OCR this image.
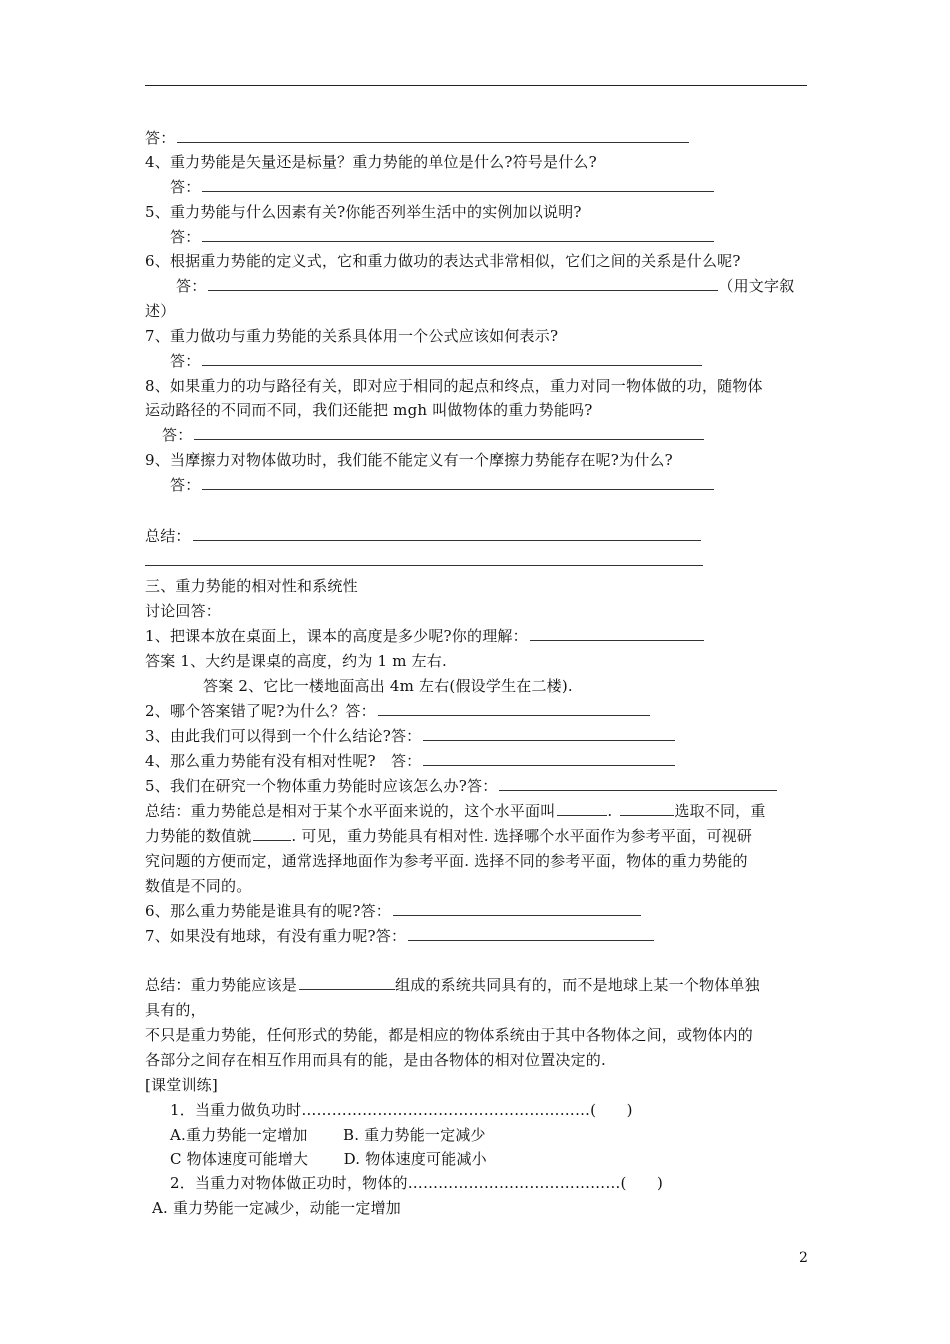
答：
4、重力势能是矢量还是标量？重力势能的单位是什么?符号是什么?
答：
5、重力势能与什么因素有关?你能否列举生活中的实例加以说明?
答：
6、根据重力势能的定义式，它和重力做功的表达式非常相似，它们之间的关系是什么呢?
答：	（用文字叙
述）
7、重力做功与重力势能的关系具体用一个公式应该如何表示?
答：
8、如果重力的功与路径有关，即对应于相同的起点和终点，重力对同一物体做的功，随物体
运动路径的不同而不同，我们还能把 mgh 叫做物体的重力势能吗?
答：
9、当摩擦力对物体做功时，我们能不能定义有一个摩擦力势能存在呢?为什么?
答：
总结：
三、重力势能的相对性和系统性
讨论回答：
1、把课本放在桌面上，课本的高度是多少呢?你的理解：
答案 1、大约是课桌的高度，约为 1 m 左右.
答案 2、它比一楼地面高出 4m 左右(假设学生在二楼).
2、哪个答案错了呢?为什么？答：
3、由此我们可以得到一个什么结论?答：
4、那么重力势能有没有相对性呢?　答：
5、我们在研究一个物体重力势能时应该怎么办?答：
总结：重力势能总是相对于某个水平面来说的，这个水平面叫	.	选取不同，重
力势能的数值就	. 可见，重力势能具有相对性. 选择哪个水平面作为参考平面，可视研
究问题的方便而定，通常选择地面作为参考平面. 选择不同的参考平面，物体的重力势能的
数值是不同的。
6、那么重力势能是谁具有的呢?答：
7、如果没有地球，有没有重力呢?答：
总结：重力势能应该是	组成的系统共同具有的，而不是地球上某一个物体单独
具有的，
不只是重力势能，任何形式的势能，都是相应的物体系统由于其中各物体之间，或物体内的
各部分之间存在相互作用而具有的能，是由各物体的相对位置决定的.
[课堂训练]
1．当重力做负功时…………………………………………………(　　)
A.重力势能一定增加　　 B. 重力势能一定减少
C 物体速度可能增大　　 D. 物体速度可能减小
2．当重力对物体做正功时，物体的……………………………………(　　)
A. 重力势能一定减少，动能一定增加
2
